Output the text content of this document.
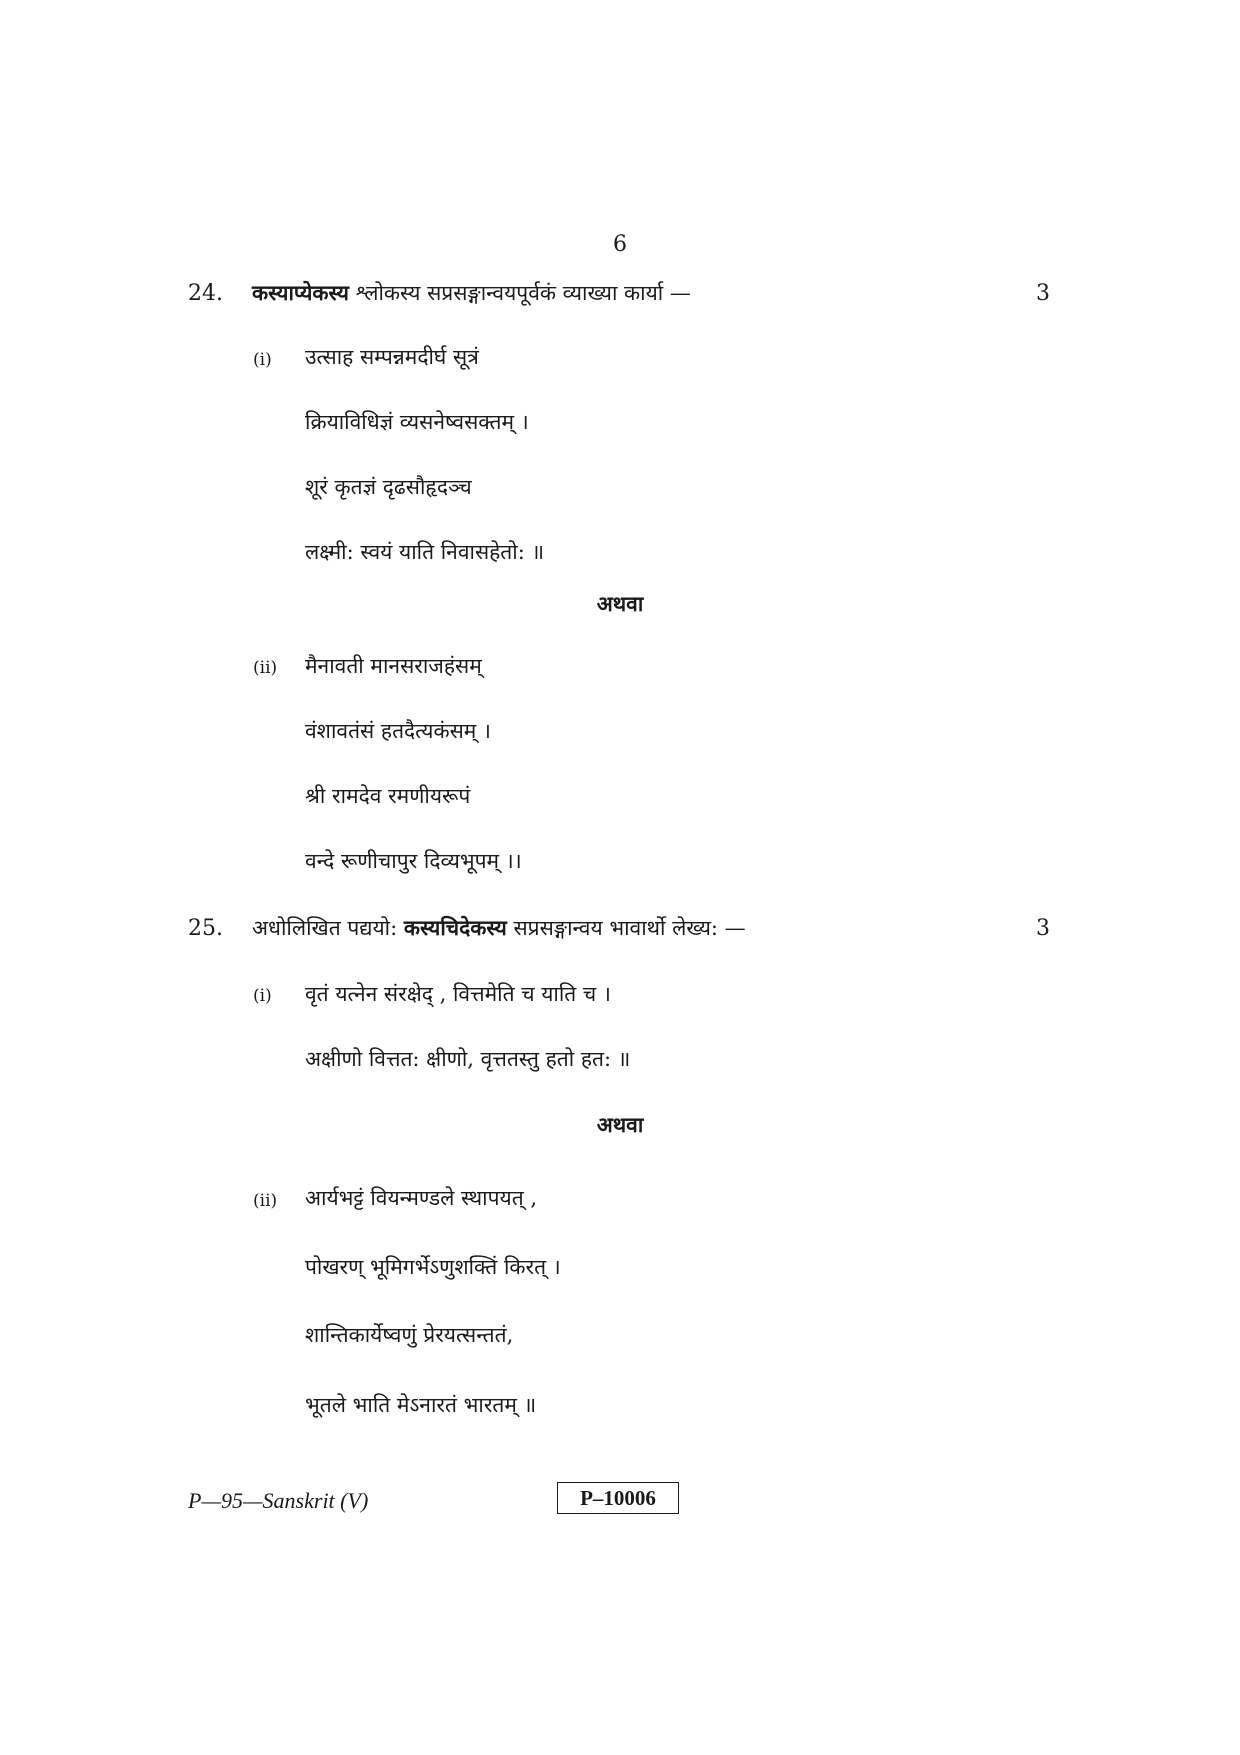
6
24. कस्याप्येकस्य श्लोकस्य सप्रसङ्गान्वयपूर्वकं व्याख्या कार्या —	3
(i) उत्साह सम्पन्नमदीर्घ सूत्रं
क्रियाविधिज्ञं व्यसनेष्वसक्तम् ।
शूरं कृतज्ञं दृढसौहृदञ्च
लक्ष्मी: स्वयं याति निवासहेतो: ॥
अथवा
(ii) मैनावती मानसराजहंसम्
वंशावतंसं हतदैत्यकंसम् ।
श्री रामदेव रमणीयरूपं
वन्दे रूणीचापुर दिव्यभूपम् ।।
25. अधोलिखित पद्ययो: कस्यचिदेकस्य सप्रसङ्गान्वय भावार्थो लेख्य: —	3
(i) वृतं यत्नेन संरक्षेद् , वित्तमेति च याति च ।
अक्षीणो वित्तत: क्षीणो, वृत्ततस्तु हतो हत: ॥
अथवा
(ii) आर्यभट्टं वियन्मण्डले स्थापयत् ,
पोखरण् भूमिगर्भेऽणुशक्तिं किरत् ।
शान्तिकार्येष्वणुं प्रेरयत्सन्ततं,
भूतले भाति मेऽनारतं भारतम् ॥
P—95—Sanskrit (V)	P–10006
